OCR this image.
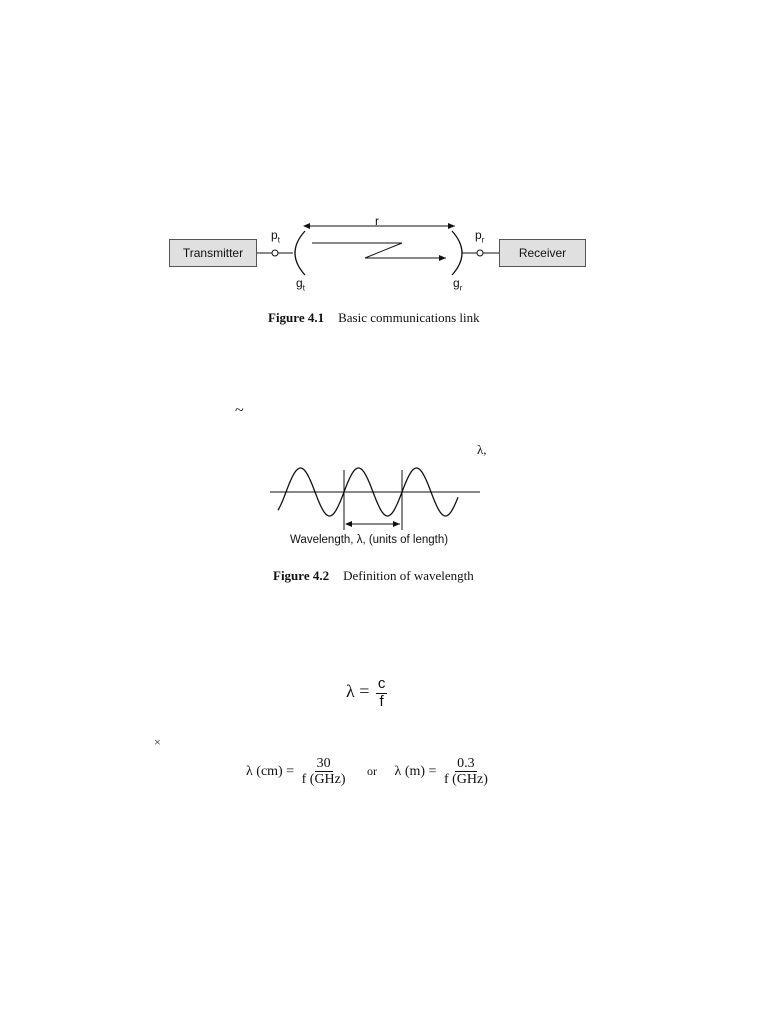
Transmitter	Receiver
r
$p_t$	$p_r$
$g_t$	$g_r$
Figure 4.1 Basic communications link
~
λ,
×
Wavelength, λ, (units of length)
Figure 4.2 Definition of wavelength
$\lambda = \frac{c}{f}$
λ $(cm) = \frac{30}{\text{f (GHz)}}$ or λ $(m) = \frac{0.3}{\text{f (GHz)}}$
